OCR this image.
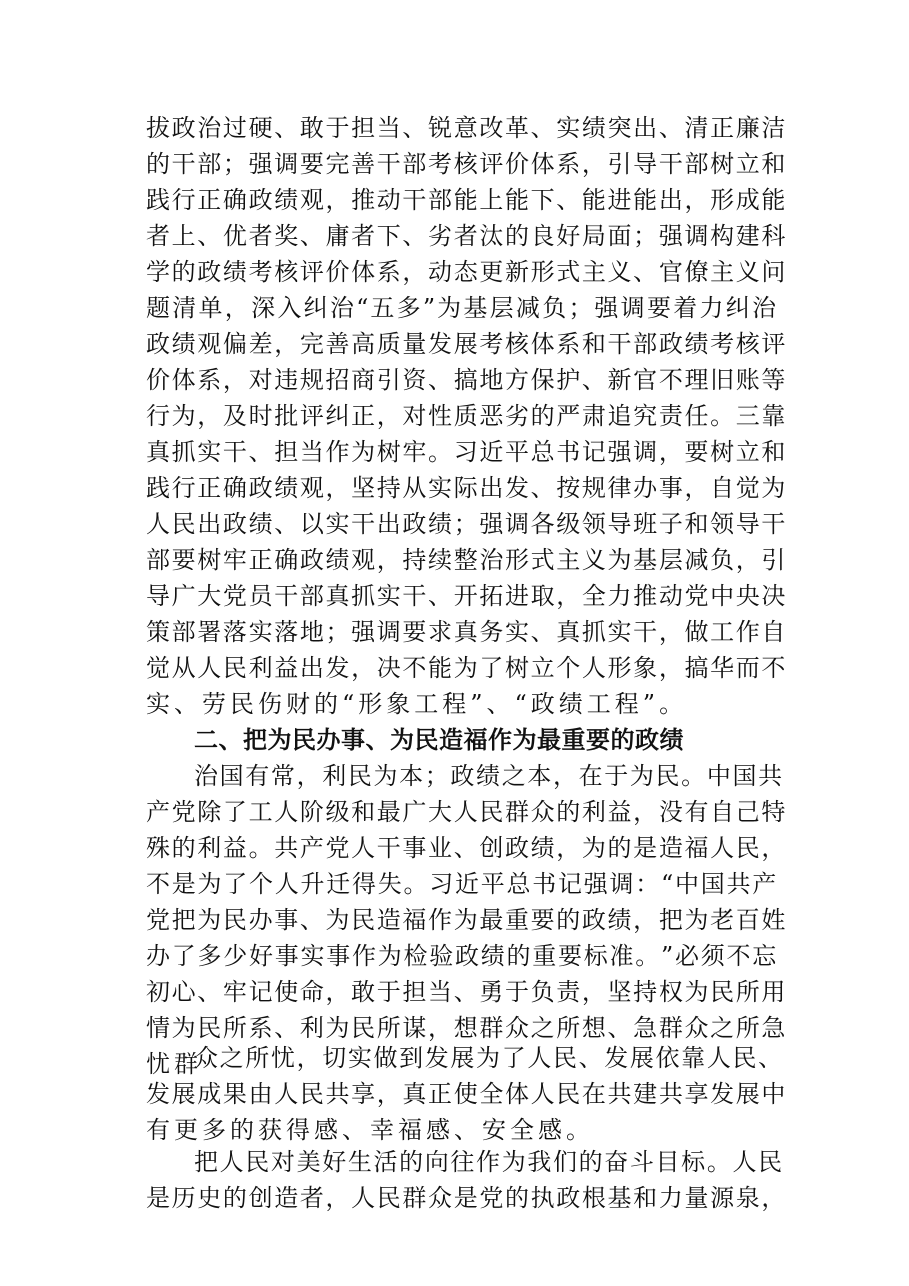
拔 政 治 过 硬 、 敢 于 担 当 、 锐 意 改 革 、 实 绩 突 出 、 清 正 廉 洁
的 干 部 ； 强 调 要 完 善 干 部 考 核 评 价 体 系 ， 引 导 干 部 树 立 和
践 行 正 确 政 绩 观 ， 推 动 干 部 能 上 能 下 、 能 进 能 出 ， 形 成 能
者 上 、 优 者 奖 、 庸 者 下 、 劣 者 汰 的 良 好 局 面 ； 强 调 构 建 科
学 的 政 绩 考 核 评 价 体 系 ， 动 态 更 新 形 式 主 义 、 官 僚 主 义 问
题 清 单 ， 深 入 纠 治 “ 五 多 ” 为 基 层 减 负 ； 强 调 要 着 力 纠 治
政 绩 观 偏 差 ， 完 善 高 质 量 发 展 考 核 体 系 和 干 部 政 绩 考 核 评
价 体 系 ， 对 违 规 招 商 引 资 、 搞 地 方 保 护 、 新 官 不 理 旧 账 等
行 为 ， 及 时 批 评 纠 正 ， 对 性 质 恶 劣 的 严 肃 追 究 责 任 。 三 靠
真 抓 实 干 、 担 当 作 为 树 牢 。 习 近 平 总 书 记 强 调 ， 要 树 立 和
践 行 正 确 政 绩 观 ， 坚 持 从 实 际 出 发 、 按 规 律 办 事 ， 自 觉 为
人 民 出 政 绩 、 以 实 干 出 政 绩 ； 强 调 各 级 领 导 班 子 和 领 导 干
部 要 树 牢 正 确 政 绩 观 ， 持 续 整 治 形 式 主 义 为 基 层 减 负 ， 引
导 广 大 党 员 干 部 真 抓 实 干 、 开 拓 进 取 ， 全 力 推 动 党 中 央 决
策 部 署 落 实 落 地 ； 强 调 要 求 真 务 实 、 真 抓 实 干 ， 做 工 作 自
觉 从 人 民 利 益 出 发 ， 决 不 能 为 了 树 立 个 人 形 象 ， 搞 华 而 不
实、劳民伤财的“形象工程”、“政绩工程”。
二、把为民办事、为民造福作为最重要的政绩
治 国 有 常 ， 利 民 为 本 ； 政 绩 之 本 ， 在 于 为 民 。 中 国 共
产 党 除 了 工 人 阶 级 和 最 广 大 人 民 群 众 的 利 益 ， 没 有 自 己 特
殊 的 利 益 。 共 产 党 人 干 事 业 、 创 政 绩 ， 为 的 是 造 福 人 民 ，
不 是 为 了 个 人 升 迁 得 失 。 习 近 平 总 书 记 强 调 ： “ 中 国 共 产
党 把 为 民 办 事 、 为 民 造 福 作 为 最 重 要 的 政 绩 ， 把 为 老 百 姓
办 了 多 少 好 事 实 事 作 为 检 验 政 绩 的 重 要 标 准 。 ” 必 须 不 忘
初 心 、 牢 记 使 命 ， 敢 于 担 当 、 勇 于 负 责 ， 坚 持 权 为 民 所 用
情 为 民 所 系 、 利 为 民 所 谋 ， 想 群 众 之 所 想 、 急 群 众 之 所 急
忧群
众 之 所 忧 ， 切 实 做 到 发 展 为 了 人 民 、 发 展 依 靠 人 民 、
发 展 成 果 由 人 民 共 享 ， 真 正 使 全 体 人 民 在 共 建 共 享 发 展 中
有更多的获得感、幸福感、安全感。
把 人 民 对 美 好 生 活 的 向 往 作 为 我 们 的 奋 斗 目 标 。 人 民
是 历 史 的 创 造 者 ， 人 民 群 众 是 党 的 执 政 根 基 和 力 量 源 泉 ，
